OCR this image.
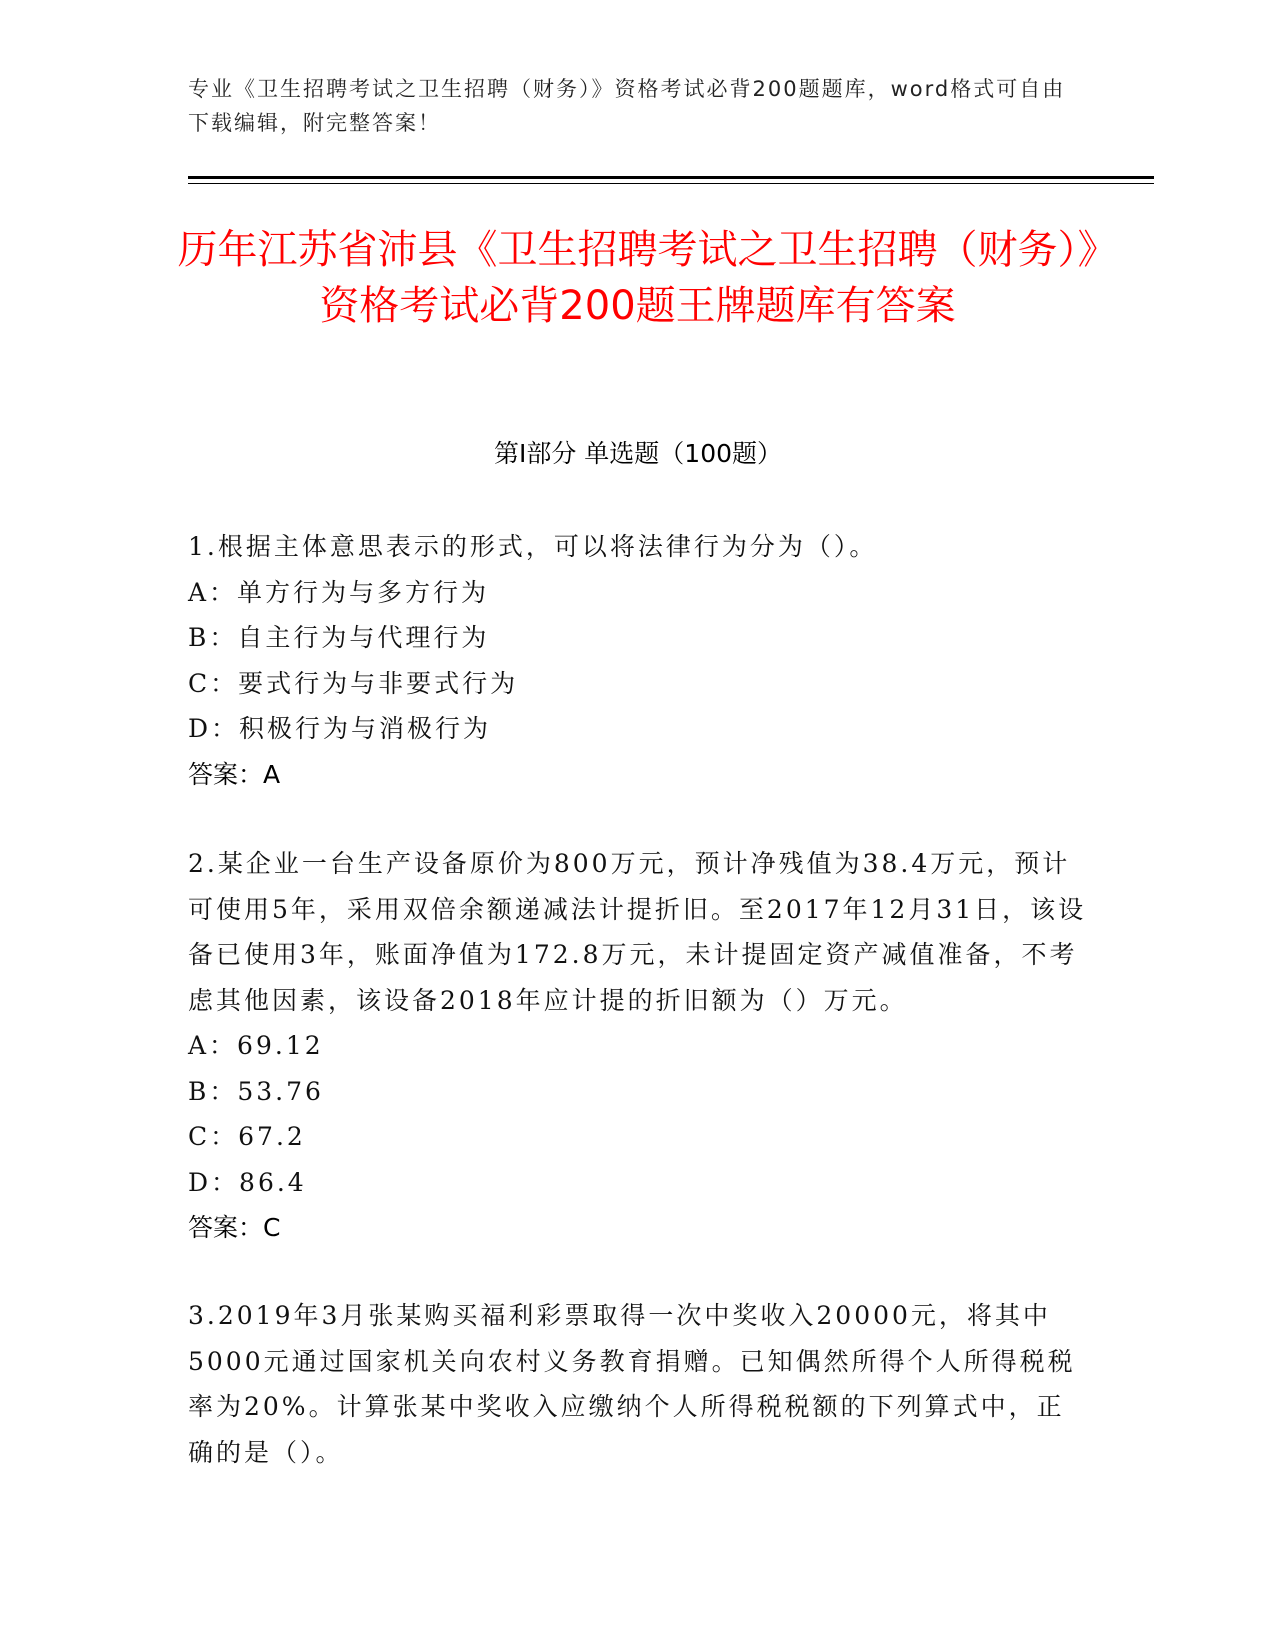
专业《卫生招聘考试之卫生招聘（财务）》资格考试必背200题题库，word格式可自由下载编辑，附完整答案！
历年江苏省沛县《卫生招聘考试之卫生招聘（财务）》资格考试必背200题王牌题库有答案
第Ⅰ部分 单选题（100题）

1.根据主体意思表示的形式，可以将法律行为分为（）。

A：单方行为与多方行为

B：自主行为与代理行为

C：要式行为与非要式行为

D：积极行为与消极行为

答案：A

2.某企业一台生产设备原价为800万元，预计净残值为38.4万元，预计可使用5年，采用双倍余额递减法计提折旧。至2017年12月31日，该设备已使用3年，账面净值为172.8万元，未计提固定资产减值准备，不考虑其他因素，该设备2018年应计提的折旧额为（）万元。

A：69.12

B：53.76

C：67.2

D：86.4

答案：C

3.2019年3月张某购买福利彩票取得一次中奖收入20000元，将其中5000元通过国家机关向农村义务教育捐赠。已知偶然所得个人所得税税率为20%。计算张某中奖收入应缴纳个人所得税税额的下列算式中，正确的是（）。
